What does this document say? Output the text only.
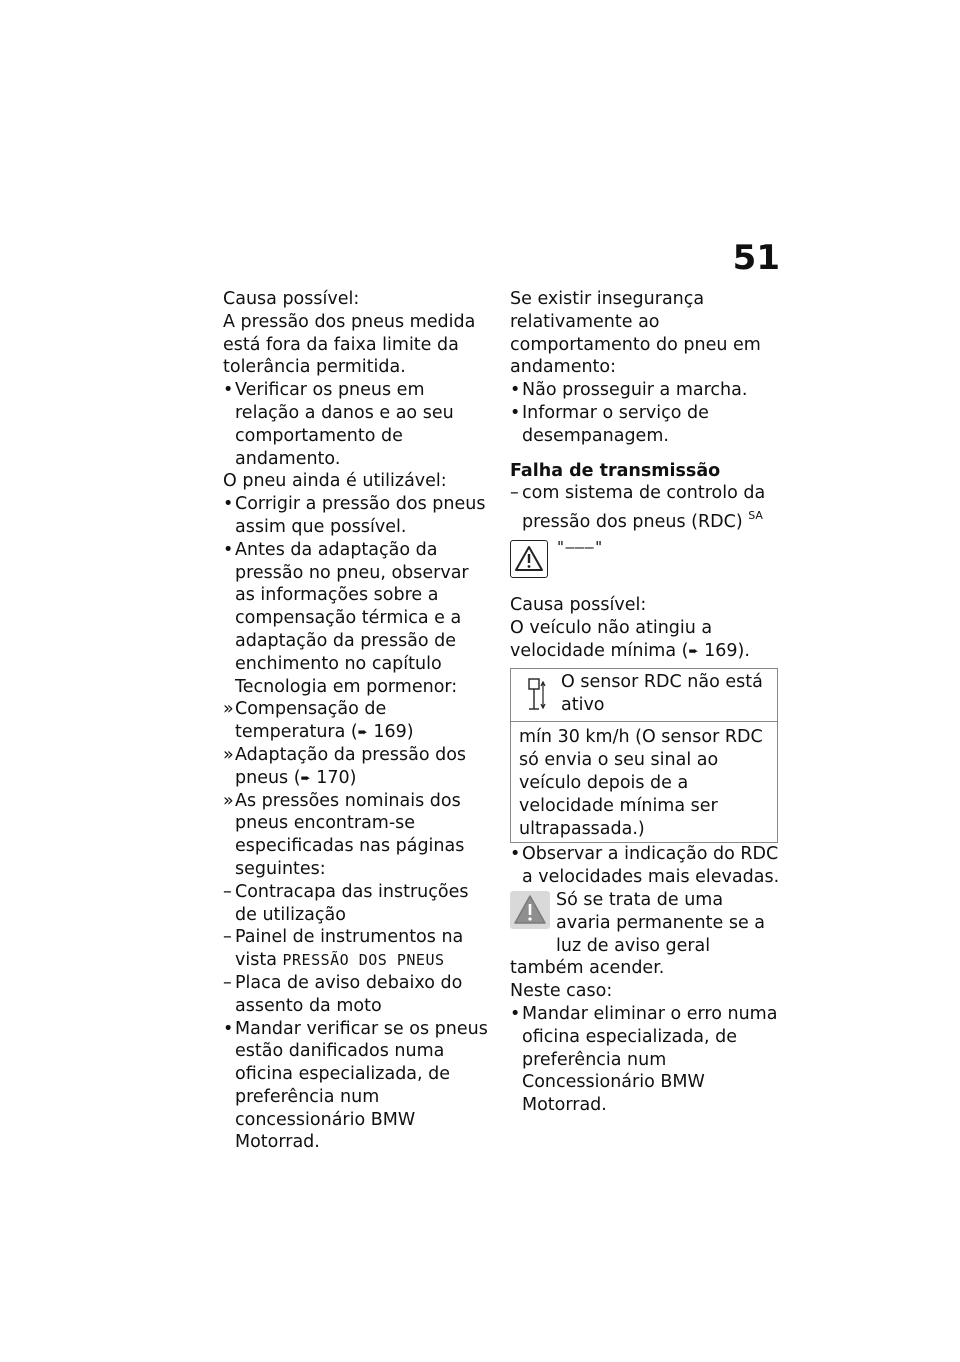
51

Causa possível:

A pressão dos pneus medida está fora da faixa limite da tolerância permitida.

• Verificar os pneus em relação a danos e ao seu comportamento de andamento.

O pneu ainda é utilizável:

• Corrigir a pressão dos pneus assim que possível.
• Antes da adaptação da pressão no pneu, observar as informações sobre a compensação térmica e a adaptação da pressão de enchimento no capítulo Tecnologia em pormenor:
» Compensação de temperatura (➨ 169)
» Adaptação da pressão dos pneus (➨ 170)
» As pressões nominais dos pneus encontram-se especificadas nas páginas seguintes:
– Contracapa das instruções de utilização
– Painel de instrumentos na vista PRESSÃO DOS PNEUS
– Placa de aviso debaixo do assento da moto
• Mandar verificar se os pneus estão danificados numa oficina especializada, de preferência num concessionário BMW Motorrad.

Se existir insegurança relativamente ao comportamento do pneu em andamento:

• Não prosseguir a marcha.
• Informar o serviço de desempanagem.

Falha de transmissão

– com sistema de controlo da pressão dos pneus (RDC) $^{SA}$
"–––"

Causa possível:

O veículo não atingiu a velocidade mínima (➨ 169).

O sensor RDC não está ativo
mín 30 km/h (O sensor RDC só envia o seu sinal ao veículo depois de a velocidade mínima ser ultrapassada.)
• Observar a indicação do RDC a velocidades mais elevadas.

Só se trata de uma avaria permanente se a luz de aviso geral também acender.

Neste caso:

• Mandar eliminar o erro numa oficina especializada, de preferência num Concessionário BMW Motorrad.
